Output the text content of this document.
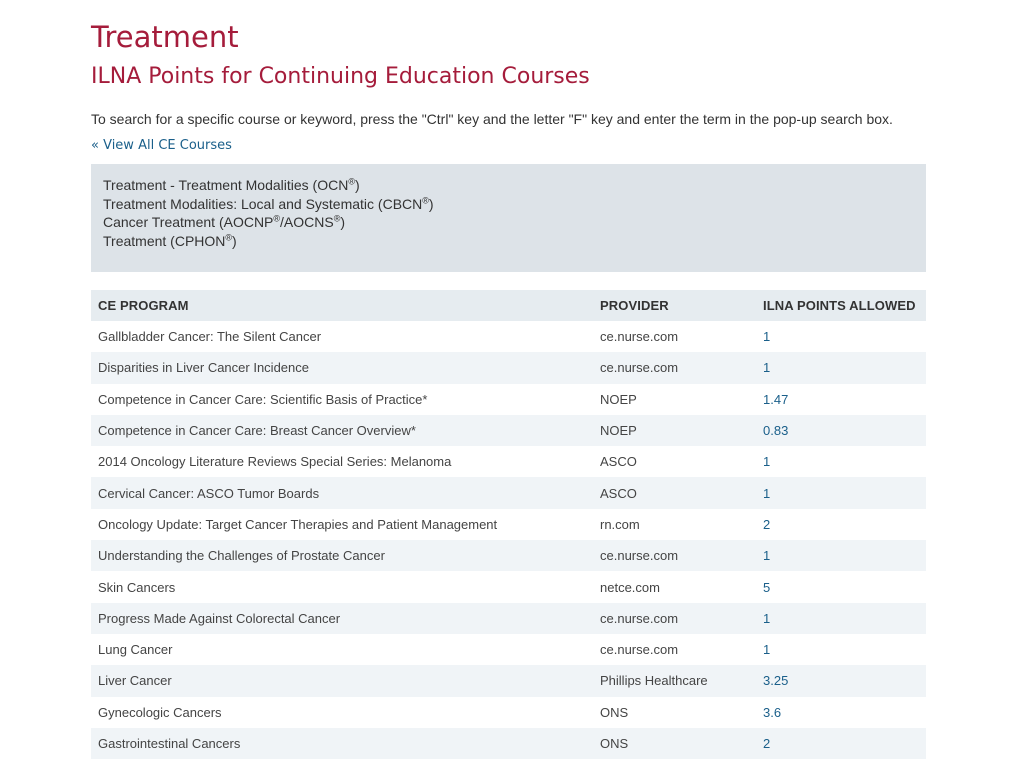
Treatment
ILNA Points for Continuing Education Courses
To search for a specific course or keyword, press the "Ctrl" key and the letter "F" key and enter the term in the pop-up search box.
« View All CE Courses
Treatment - Treatment Modalities (OCN®)
Treatment Modalities: Local and Systematic (CBCN®)
Cancer Treatment (AOCNP®/AOCNS®)
Treatment (CPHON®)
CE PROGRAM	PROVIDER	ILNA POINTS ALLOWED
Gallbladder Cancer: The Silent Cancer	ce.nurse.com	1
Disparities in Liver Cancer Incidence	ce.nurse.com	1
Competence in Cancer Care: Scientific Basis of Practice*	NOEP	1.47
Competence in Cancer Care: Breast Cancer Overview*	NOEP	0.83
2014 Oncology Literature Reviews Special Series: Melanoma	ASCO	1
Cervical Cancer: ASCO Tumor Boards	ASCO	1
Oncology Update: Target Cancer Therapies and Patient Management	rn.com	2
Understanding the Challenges of Prostate Cancer	ce.nurse.com	1
Skin Cancers	netce.com	5
Progress Made Against Colorectal Cancer	ce.nurse.com	1
Lung Cancer	ce.nurse.com	1
Liver Cancer	Phillips Healthcare	3.25
Gynecologic Cancers	ONS	3.6
Gastrointestinal Cancers	ONS	2
